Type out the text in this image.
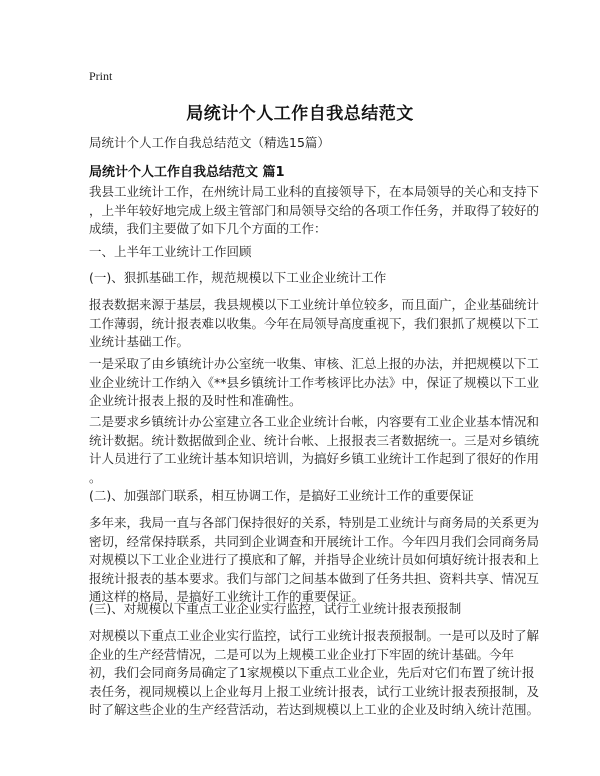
Print
局统计个人工作自我总结范文
局统计个人工作自我总结范文（精选15篇）
局统计个人工作自我总结范文 篇1
我县工业统计工作，在州统计局工业科的直接领导下，在本局领导的关心和支持下
，上半年较好地完成上级主管部门和局领导交给的各项工作任务，并取得了较好的
成绩，我们主要做了如下几个方面的工作：
一、上半年工业统计工作回顾
(一)、狠抓基础工作，规范规模以下工业企业统计工作
报表数据来源于基层，我县规模以下工业统计单位较多，而且面广，企业基础统计
工作薄弱，统计报表难以收集。今年在局领导高度重视下，我们狠抓了规模以下工
业统计基础工作。
一是采取了由乡镇统计办公室统一收集、审核、汇总上报的办法，并把规模以下工
业企业统计工作纳入《**县乡镇统计工作考核评比办法》中，保证了规模以下工业
企业统计报表上报的及时性和准确性。
二是要求乡镇统计办公室建立各工业企业统计台帐，内容要有工业企业基本情况和
统计数据。统计数据做到企业、统计台帐、上报报表三者数据统一。三是对乡镇统
计人员进行了工业统计基本知识培训，为搞好乡镇工业统计工作起到了很好的作用
。
(二)、加强部门联系，相互协调工作，是搞好工业统计工作的重要保证
多年来，我局一直与各部门保持很好的关系，特别是工业统计与商务局的关系更为
密切，经常保持联系，共同到企业调查和开展统计工作。今年四月我们会同商务局
对规模以下工业企业进行了摸底和了解，并指导企业统计员如何填好统计报表和上
报统计报表的基本要求。我们与部门之间基本做到了任务共担、资料共享、情况互
通这样的格局，是搞好工业统计工作的重要保证。
(三)、对规模以下重点工业企业实行监控，试行工业统计报表预报制
对规模以下重点工业企业实行监控，试行工业统计报表预报制。一是可以及时了解
企业的生产经营情况，二是可以为上规模工业企业打下牢固的统计基础。今年
初，我们会同商务局确定了1家规模以下重点工业企业，先后对它们布置了统计报
表任务，视同规模以上企业每月上报工业统计报表，试行工业统计报表预报制，及
时了解这些企业的生产经营活动，若达到规模以上工业的企业及时纳入统计范围。
